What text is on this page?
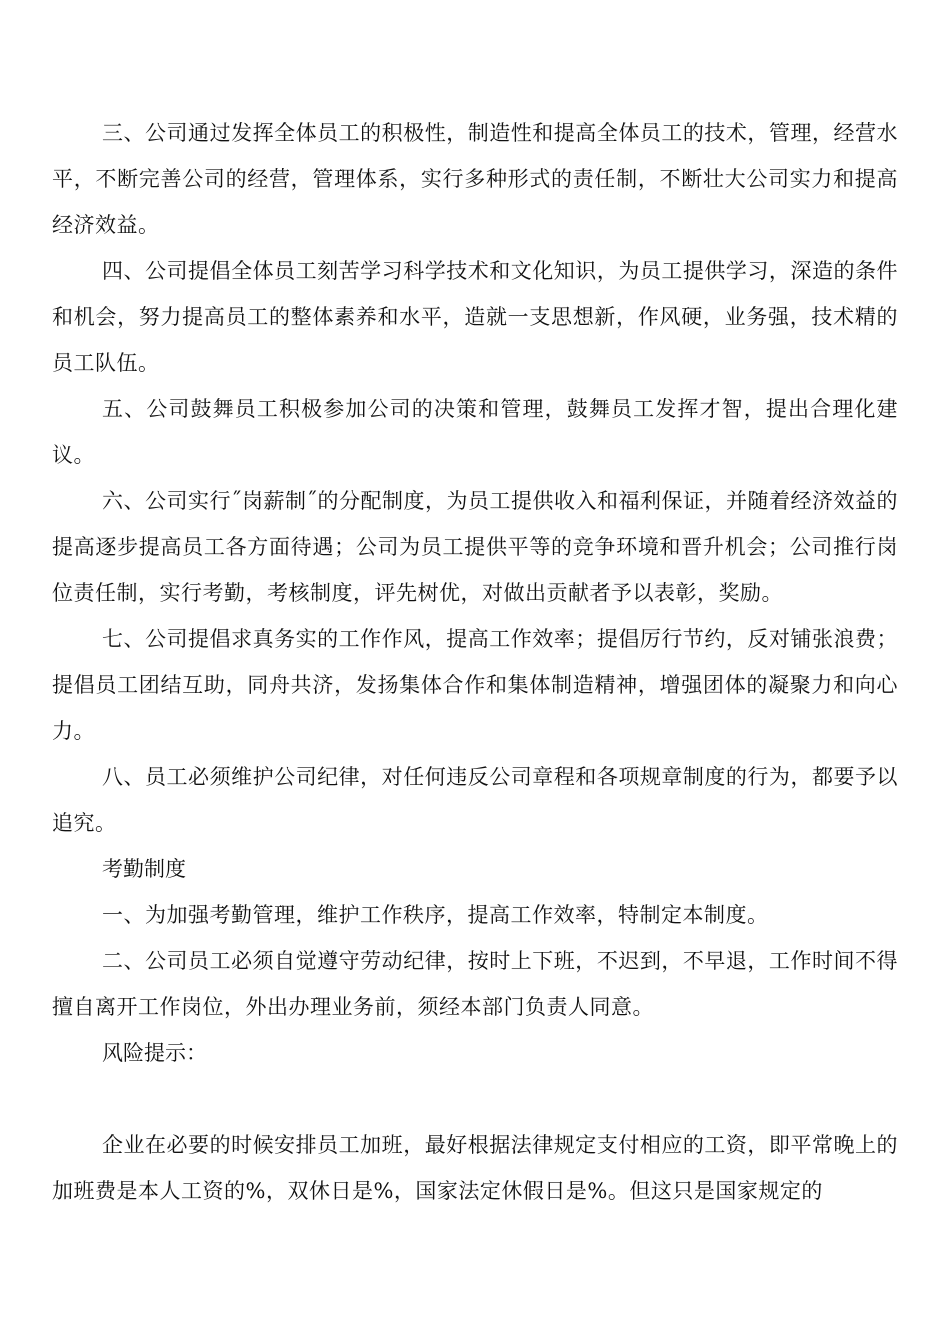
三、公司通过发挥全体员工的积极性，制造性和提高全体员工的技术，管理，经营水平，不断完善公司的经营，管理体系，实行多种形式的责任制，不断壮大公司实力和提高经济效益。

四、公司提倡全体员工刻苦学习科学技术和文化知识，为员工提供学习，深造的条件和机会，努力提高员工的整体素养和水平，造就一支思想新，作风硬，业务强，技术精的员工队伍。

五、公司鼓舞员工积极参加公司的决策和管理，鼓舞员工发挥才智，提出合理化建议。

六、公司实行˝岗薪制˝的分配制度，为员工提供收入和福利保证，并随着经济效益的提高逐步提高员工各方面待遇；公司为员工提供平等的竞争环境和晋升机会；公司推行岗位责任制，实行考勤，考核制度，评先树优，对做出贡献者予以表彰，奖励。

七、公司提倡求真务实的工作作风，提高工作效率；提倡厉行节约，反对铺张浪费；提倡员工团结互助，同舟共济，发扬集体合作和集体制造精神，增强团体的凝聚力和向心力。

八、员工必须维护公司纪律，对任何违反公司章程和各项规章制度的行为，都要予以追究。

考勤制度

一、为加强考勤管理，维护工作秩序，提高工作效率，特制定本制度。

二、公司员工必须自觉遵守劳动纪律，按时上下班，不迟到，不早退，工作时间不得擅自离开工作岗位，外出办理业务前，须经本部门负责人同意。

风险提示：

企业在必要的时候安排员工加班，最好根据法律规定支付相应的工资，即平常晚上的加班费是本人工资的%，双休日是%，国家法定休假日是%。但这只是国家规定的
